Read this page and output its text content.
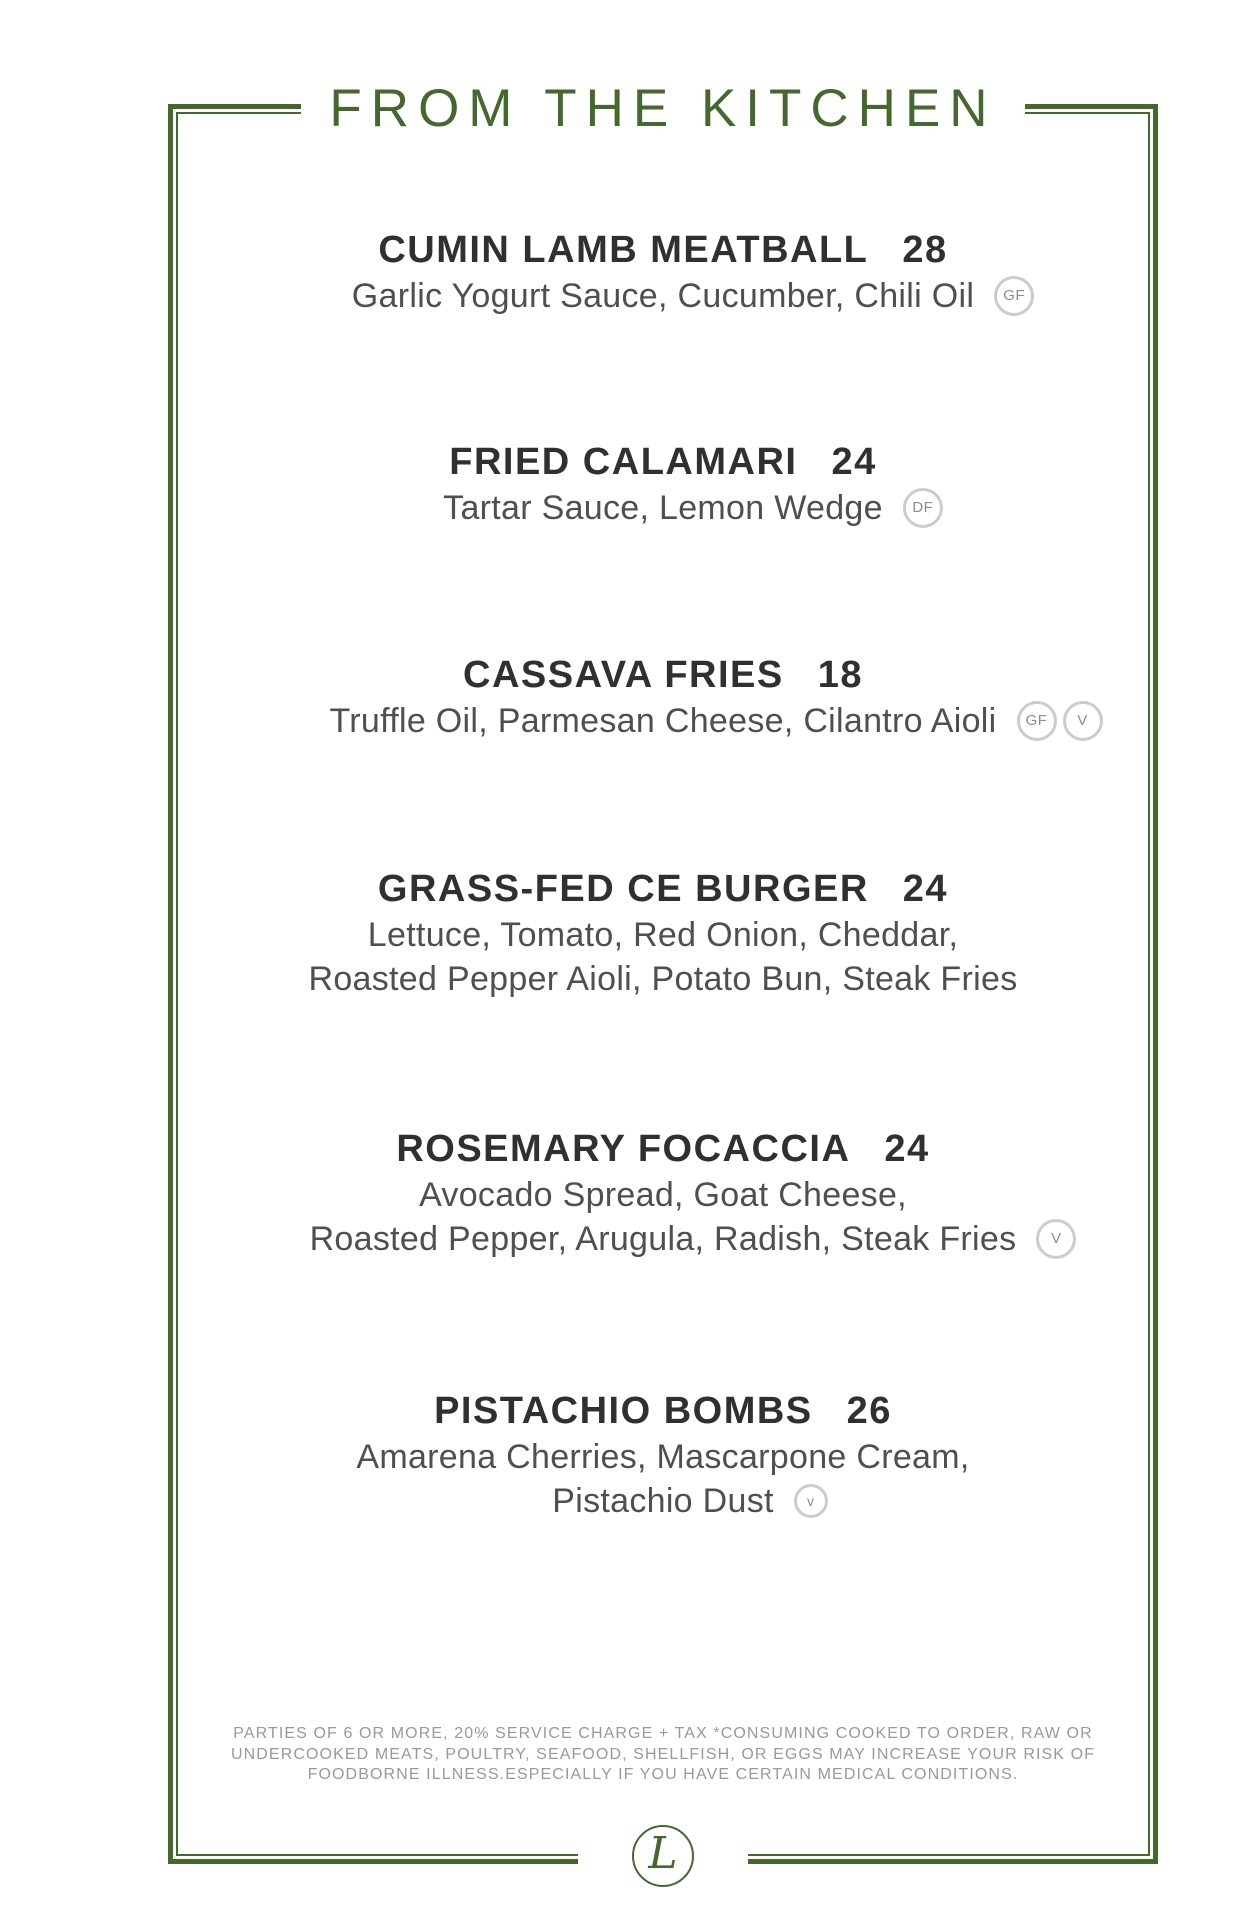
FROM THE KITCHEN
CUMIN LAMB MEATBALL 28
Garlic Yogurt Sauce, Cucumber, Chili Oil	GF
FRIED CALAMARI 24
Tartar Sauce, Lemon Wedge	DF
CASSAVA FRIES 18
Truffle Oil, Parmesan Cheese, Cilantro Aioli	GF	V
GRASS-FED CE BURGER 24
Lettuce, Tomato, Red Onion, Cheddar,
Roasted Pepper Aioli, Potato Bun, Steak Fries
ROSEMARY FOCACCIA 24
Avocado Spread, Goat Cheese,
Roasted Pepper, Arugula, Radish, Steak Fries	V
PISTACHIO BOMBS 26
Amarena Cherries, Mascarpone Cream,
Pistachio Dust	v
PARTIES OF 6 OR MORE, 20% SERVICE CHARGE + TAX *CONSUMING COOKED TO ORDER, RAW OR
UNDERCOOKED MEATS, POULTRY, SEAFOOD, SHELLFISH, OR EGGS MAY INCREASE YOUR RISK OF
FOODBORNE ILLNESS.ESPECIALLY IF YOU HAVE CERTAIN MEDICAL CONDITIONS.
L
